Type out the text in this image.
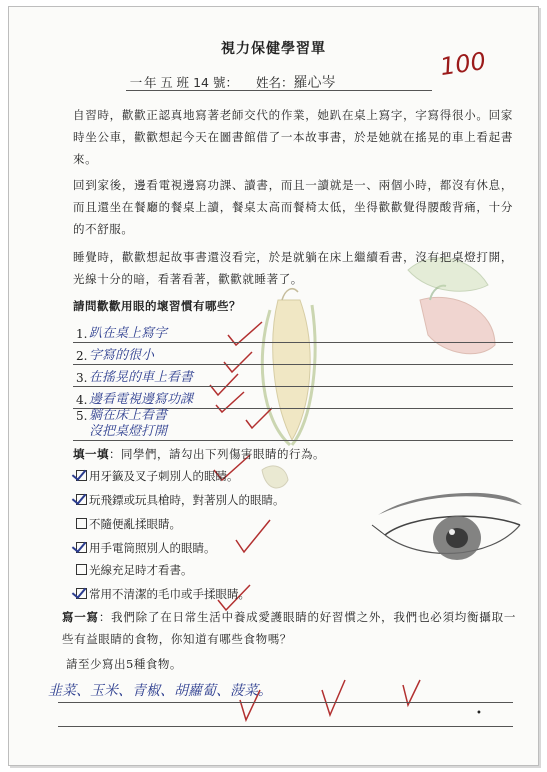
視力保健學習單
一 年 五 班 14 號： 姓名：羅心岑
100
自習時，歡歡正認真地寫著老師交代的作業，她趴在桌上寫字，字寫得很小。回家時坐公車，歡歡想起今天在圖書館借了一本故事書，於是她就在搖晃的車上看起書來。
回到家後，邊看電視邊寫功課、讀書，而且一讀就是一、兩個小時，都沒有休息，而且還坐在餐廳的餐桌上讀，餐桌太高而餐椅太低，坐得歡歡覺得腰酸背痛，十分的不舒服。
睡覺時，歡歡想起故事書還沒看完，於是就躺在床上繼續看書，沒有把桌燈打開，光線十分的暗，看著看著，歡歡就睡著了。
請問歡歡用眼的壞習慣有哪些？
1. 趴在桌上寫字
2. 字寫的很小
3. 在搖晃的車上看書
4. 邊看電視邊寫功課
5. 躺在床上看書
沒把桌燈打開
填一填：同學們，請勾出下列傷害眼睛的行為。
用牙籤及叉子刺別人的眼睛。
玩飛鏢或玩具槍時，對著別人的眼睛。
不隨便亂揉眼睛。
用手電筒照別人的眼睛。
光線充足時才看書。
常用不清潔的毛巾或手揉眼睛。
寫一寫：我們除了在日常生活中養成愛護眼睛的好習慣之外，我們也必須均衡攝取一些有益眼睛的食物，你知道有哪些食物嗎？
請至少寫出5種食物。
韭菜、玉米、青椒、胡蘿蔔、菠菜。
•
